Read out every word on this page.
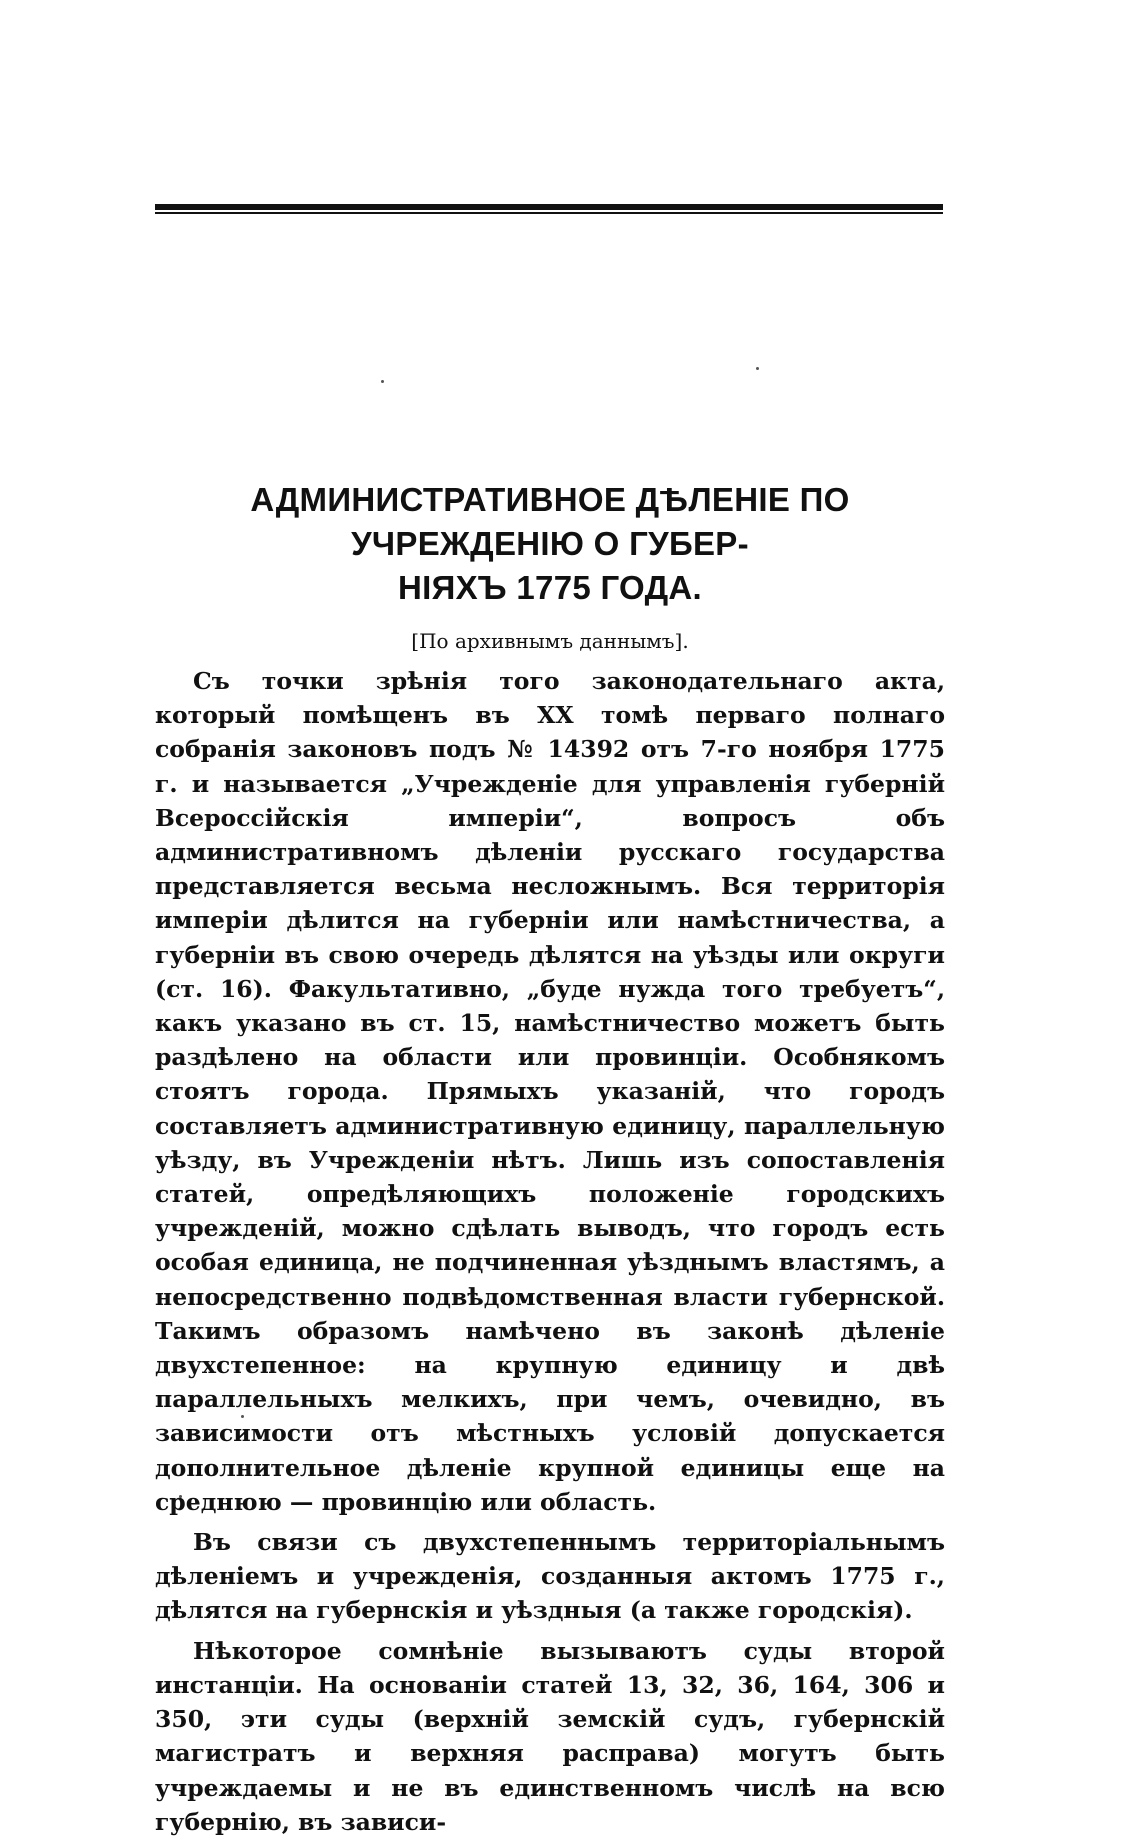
АДМИНИСТРАТИВНОЕ ДѢЛЕНІЕ ПО УЧРЕЖДЕНІЮ О ГУБЕР-
НІЯХЪ 1775 ГОДА.
[По архивнымъ даннымъ].

Съ точки зрѣнія того законодательнаго акта, который помѣщенъ въ XX томѣ перваго полнаго собранія законовъ подъ № 14392 отъ 7-го ноября 1775 г. и называется „Учрежденіе для управленія губерній Всероссійскія имперіи“, вопросъ объ административномъ дѣленіи русскаго государства представляется весьма несложнымъ. Вся территорія имперіи дѣлится на губерніи или намѣстничества, а губерніи въ свою очередь дѣлятся на уѣзды или округи (ст. 16). Факультативно, „буде нужда того требуетъ“, какъ указано въ ст. 15, намѣстничество можетъ быть раздѣлено на области или провинціи. Особнякомъ стоятъ города. Прямыхъ указаній, что городъ составляетъ административную единицу, параллельную уѣзду, въ Учрежденіи нѣтъ. Лишь изъ сопоставленія статей, опредѣляющихъ положеніе городскихъ учрежденій, можно сдѣлать выводъ, что городъ есть особая единица, не подчиненная уѣзднымъ властямъ, а непосредственно подвѣдомственная власти губернской. Такимъ образомъ намѣчено въ законѣ дѣленіе двухстепенное: на крупную единицу и двѣ параллельныхъ мелкихъ, при чемъ, очевидно, въ зависимости отъ мѣстныхъ условій допускается дополнительное дѣленіе крупной единицы еще на среднюю — провинцію или область.

Въ связи съ двухстепеннымъ территоріальнымъ дѣленіемъ и учрежденія, созданныя актомъ 1775 г., дѣлятся на губернскія и уѣздныя (а также городскія).

Нѣкоторое сомнѣніе вызываютъ суды второй инстанціи. На основаніи статей 13, 32, 36, 164, 306 и 350, эти суды (верхній земскій судъ, губернскій магистратъ и верхняя расправа) могутъ быть учреждаемы и не въ единственномъ числѣ на всю губернію, въ зависи-
